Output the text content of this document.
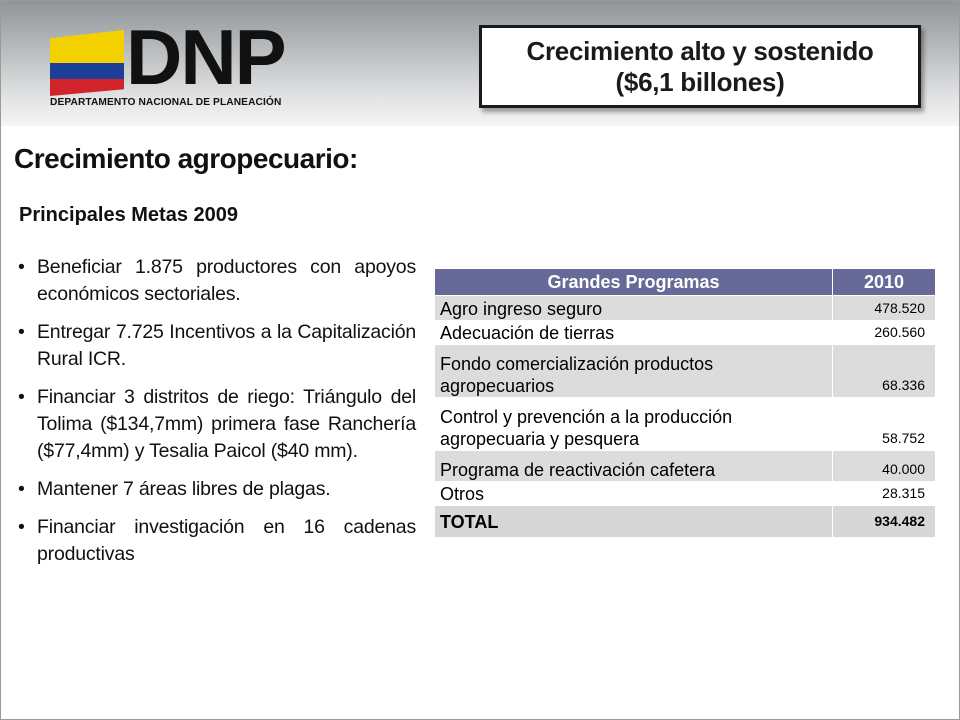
DNP
DEPARTAMENTO NACIONAL DE PLANEACIÓN
Crecimiento alto y sostenido
($6,1 billones)
Crecimiento agropecuario:
Principales Metas 2009
• Beneficiar 1.875 productores con apoyos económicos sectoriales.
• Entregar 7.725 Incentivos a la Capitalización Rural ICR.
• Financiar 3 distritos de riego: Triángulo del Tolima ($134,7mm) primera fase Ranchería ($77,4mm) y Tesalia Paicol ($40 mm).
• Mantener 7 áreas libres de plagas.
• Financiar investigación en 16 cadenas productivas
Grandes Programas	2010
Agro ingreso seguro	478.520
Adecuación de tierras	260.560
Fondo comercialización productos agropecuarios	68.336
Control y prevención a la producción agropecuaria y pesquera	58.752
Programa de reactivación cafetera	40.000
Otros	28.315
TOTAL	934.482
